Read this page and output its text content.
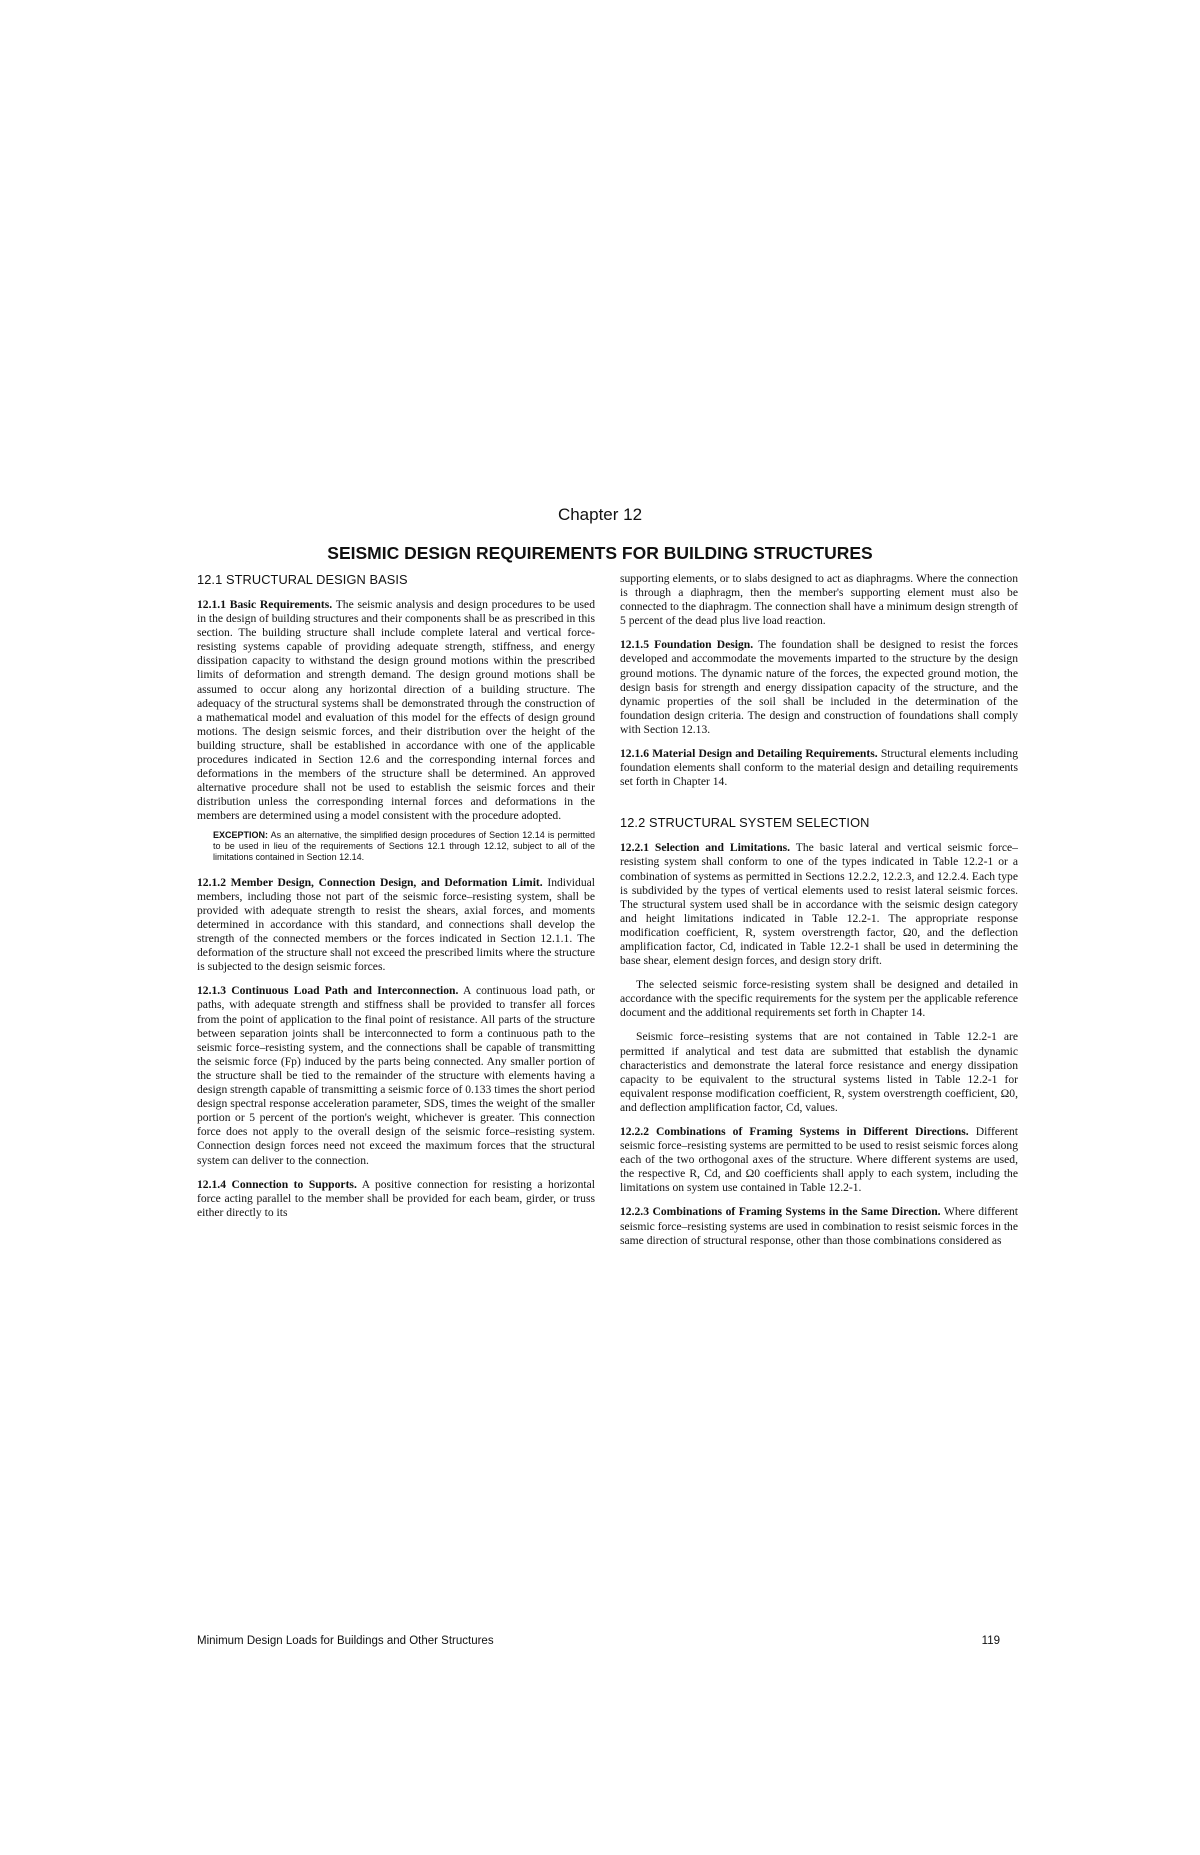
Chapter 12
SEISMIC DESIGN REQUIREMENTS FOR BUILDING STRUCTURES
12.1 STRUCTURAL DESIGN BASIS

12.1.1 Basic Requirements. The seismic analysis and design procedures to be used in the design of building structures and their components shall be as prescribed in this section. The building structure shall include complete lateral and vertical force-resisting systems capable of providing adequate strength, stiffness, and energy dissipation capacity to withstand the design ground motions within the prescribed limits of deformation and strength demand. The design ground motions shall be assumed to occur along any horizontal direction of a building structure. The adequacy of the structural systems shall be demonstrated through the construction of a mathematical model and evaluation of this model for the effects of design ground motions. The design seismic forces, and their distribution over the height of the building structure, shall be established in accordance with one of the applicable procedures indicated in Section 12.6 and the corresponding internal forces and deformations in the members of the structure shall be determined. An approved alternative procedure shall not be used to establish the seismic forces and their distribution unless the corresponding internal forces and deformations in the members are determined using a model consistent with the procedure adopted.

EXCEPTION: As an alternative, the simplified design procedures of Section 12.14 is permitted to be used in lieu of the requirements of Sections 12.1 through 12.12, subject to all of the limitations contained in Section 12.14.

12.1.2 Member Design, Connection Design, and Deformation Limit. Individual members, including those not part of the seismic force–resisting system, shall be provided with adequate strength to resist the shears, axial forces, and moments determined in accordance with this standard, and connections shall develop the strength of the connected members or the forces indicated in Section 12.1.1. The deformation of the structure shall not exceed the prescribed limits where the structure is subjected to the design seismic forces.

12.1.3 Continuous Load Path and Interconnection. A continuous load path, or paths, with adequate strength and stiffness shall be provided to transfer all forces from the point of application to the final point of resistance. All parts of the structure between separation joints shall be interconnected to form a continuous path to the seismic force–resisting system, and the connections shall be capable of transmitting the seismic force (Fp) induced by the parts being connected. Any smaller portion of the structure shall be tied to the remainder of the structure with elements having a design strength capable of transmitting a seismic force of 0.133 times the short period design spectral response acceleration parameter, SDS, times the weight of the smaller portion or 5 percent of the portion's weight, whichever is greater. This connection force does not apply to the overall design of the seismic force–resisting system. Connection design forces need not exceed the maximum forces that the structural system can deliver to the connection.

12.1.4 Connection to Supports. A positive connection for resisting a horizontal force acting parallel to the member shall be provided for each beam, girder, or truss either directly to its

supporting elements, or to slabs designed to act as diaphragms. Where the connection is through a diaphragm, then the member's supporting element must also be connected to the diaphragm. The connection shall have a minimum design strength of 5 percent of the dead plus live load reaction.

12.1.5 Foundation Design. The foundation shall be designed to resist the forces developed and accommodate the movements imparted to the structure by the design ground motions. The dynamic nature of the forces, the expected ground motion, the design basis for strength and energy dissipation capacity of the structure, and the dynamic properties of the soil shall be included in the determination of the foundation design criteria. The design and construction of foundations shall comply with Section 12.13.

12.1.6 Material Design and Detailing Requirements. Structural elements including foundation elements shall conform to the material design and detailing requirements set forth in Chapter 14.

12.2 STRUCTURAL SYSTEM SELECTION

12.2.1 Selection and Limitations. The basic lateral and vertical seismic force–resisting system shall conform to one of the types indicated in Table 12.2-1 or a combination of systems as permitted in Sections 12.2.2, 12.2.3, and 12.2.4. Each type is subdivided by the types of vertical elements used to resist lateral seismic forces. The structural system used shall be in accordance with the seismic design category and height limitations indicated in Table 12.2-1. The appropriate response modification coefficient, R, system overstrength factor, Ω0, and the deflection amplification factor, Cd, indicated in Table 12.2-1 shall be used in determining the base shear, element design forces, and design story drift.

The selected seismic force-resisting system shall be designed and detailed in accordance with the specific requirements for the system per the applicable reference document and the additional requirements set forth in Chapter 14.

Seismic force–resisting systems that are not contained in Table 12.2-1 are permitted if analytical and test data are submitted that establish the dynamic characteristics and demonstrate the lateral force resistance and energy dissipation capacity to be equivalent to the structural systems listed in Table 12.2-1 for equivalent response modification coefficient, R, system overstrength coefficient, Ω0, and deflection amplification factor, Cd, values.

12.2.2 Combinations of Framing Systems in Different Directions. Different seismic force–resisting systems are permitted to be used to resist seismic forces along each of the two orthogonal axes of the structure. Where different systems are used, the respective R, Cd, and Ω0 coefficients shall apply to each system, including the limitations on system use contained in Table 12.2-1.

12.2.3 Combinations of Framing Systems in the Same Direction. Where different seismic force–resisting systems are used in combination to resist seismic forces in the same direction of structural response, other than those combinations considered as

Minimum Design Loads for Buildings and Other Structures	119
